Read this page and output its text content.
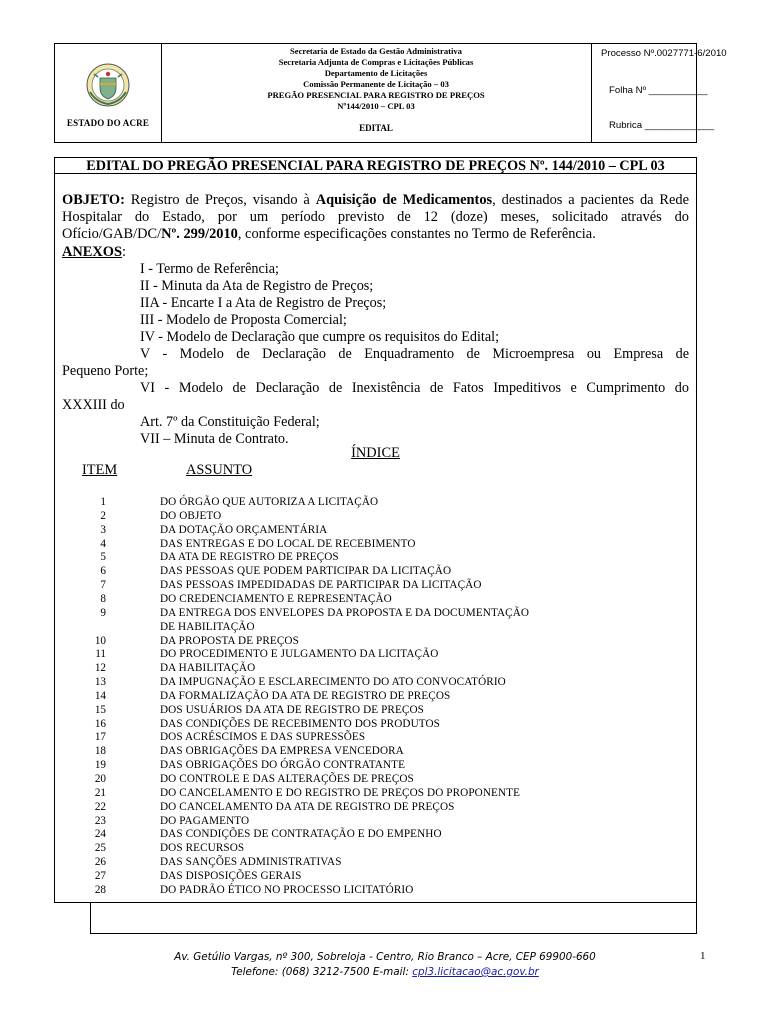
ESTADO DO ACRE
Secretaria de Estado da Gestão Administrativa
Secretaria Adjunta de Compras e Licitações Públicas
Departamento de Licitações
Comissão Permanente de Licitação – 03
PREGÃO PRESENCIAL PARA REGISTRO DE PREÇOS
Nº144/2010 – CPL 03
EDITAL
Processo Nº.0027771-6/2010
Folha Nº ___________
Rubrica _____________
EDITAL DO PREGÃO PRESENCIAL PARA REGISTRO DE PREÇOS Nº. 144/2010 – CPL 03
OBJETO: Registro de Preços, visando à Aquisição de Medicamentos, destinados a pacientes da Rede Hospitalar do Estado, por um período previsto de 12 (doze) meses, solicitado através do Ofício/GAB/DC/Nº. 299/2010, conforme especificações constantes no Termo de Referência.
ANEXOS:
I - Termo de Referência;
II - Minuta da Ata de Registro de Preços;
IIA - Encarte I a Ata de Registro de Preços;
III - Modelo de Proposta Comercial;
IV - Modelo de Declaração que cumpre os requisitos do Edital;
V - Modelo de Declaração de Enquadramento de Microempresa ou Empresa de
Pequeno Porte;
VI - Modelo de Declaração de Inexistência de Fatos Impeditivos e Cumprimento do
XXXIII do
Art. 7º da Constituição Federal;
VII – Minuta de Contrato.
ÍNDICE
ITEM	ASSUNTO
1	DO ÓRGÃO QUE AUTORIZA A LICITAÇÃO
2	DO OBJETO
3	DA DOTAÇÃO ORÇAMENTÁRIA
4	DAS ENTREGAS E DO LOCAL DE RECEBIMENTO
5	DA ATA DE REGISTRO DE PREÇOS
6	DAS PESSOAS QUE PODEM PARTICIPAR DA LICITAÇÃO
7	DAS PESSOAS IMPEDIDADAS DE PARTICIPAR DA LICITAÇÃO
8	DO CREDENCIAMENTO E REPRESENTAÇÃO
9	DA ENTREGA DOS ENVELOPES DA PROPOSTA E DA DOCUMENTAÇÃO
DE HABILITAÇÃO
10	DA PROPOSTA DE PREÇOS
11	DO PROCEDIMENTO E JULGAMENTO DA LICITAÇÃO
12	DA HABILITAÇÃO
13	DA IMPUGNAÇÃO E ESCLARECIMENTO DO ATO CONVOCATÓRIO
14	DA FORMALIZAÇÃO DA ATA DE REGISTRO DE PREÇOS
15	DOS USUÁRIOS DA ATA DE REGISTRO DE PREÇOS
16	DAS CONDIÇÕES DE RECEBIMENTO DOS PRODUTOS
17	DOS ACRÉSCIMOS E DAS SUPRESSÕES
18	DAS OBRIGAÇÕES DA EMPRESA VENCEDORA
19	DAS OBRIGAÇÕES DO ÓRGÃO CONTRATANTE
20	DO CONTROLE E DAS ALTERAÇÕES DE PREÇOS
21	DO CANCELAMENTO E DO REGISTRO DE PREÇOS DO PROPONENTE
22	DO CANCELAMENTO DA ATA DE REGISTRO DE PREÇOS
23	DO PAGAMENTO
24	DAS CONDIÇÕES DE CONTRATAÇÃO E DO EMPENHO
25	DOS RECURSOS
26	DAS SANÇÕES ADMINISTRATIVAS
27	DAS DISPOSIÇÕES GERAIS
28	DO PADRÃO ÉTICO NO PROCESSO LICITATÓRIO
Av. Getúlio Vargas, nº 300, Sobreloja - Centro, Rio Branco – Acre, CEP 69900-660
Telefone: (068) 3212-7500 E-mail: cpl3.licitacao@ac.gov.br
1
